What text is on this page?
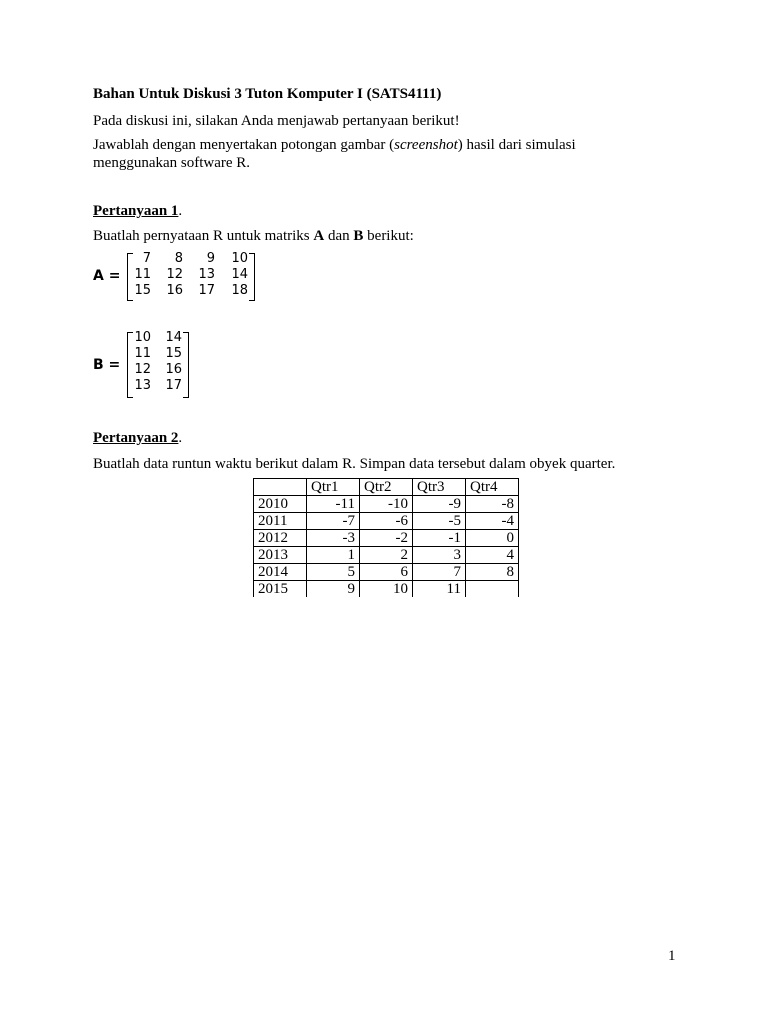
Bahan Untuk Diskusi 3 Tuton Komputer I (SATS4111)
Pada diskusi ini, silakan Anda menjawab pertanyaan berikut!
Jawablah dengan menyertakan potongan gambar (screenshot) hasil dari simulasi
menggunakan software R.
Pertanyaan 1.
Buatlah pernyataan R untuk matriks A dan B berikut:
A =
7 8 9 10
11 12 13 14
15 16 17 18
B =
10 14
11 15
12 16
13 17
Pertanyaan 2.
Buatlah data runtun waktu berikut dalam R. Simpan data tersebut dalam obyek quarter.
	Qtr1	Qtr2	Qtr3	Qtr4
2010	-11	-10	-9	-8
2011	-7	-6	-5	-4
2012	-3	-2	-1	0
2013	1	2	3	4
2014	5	6	7	8
2015	9	10	11	
1
